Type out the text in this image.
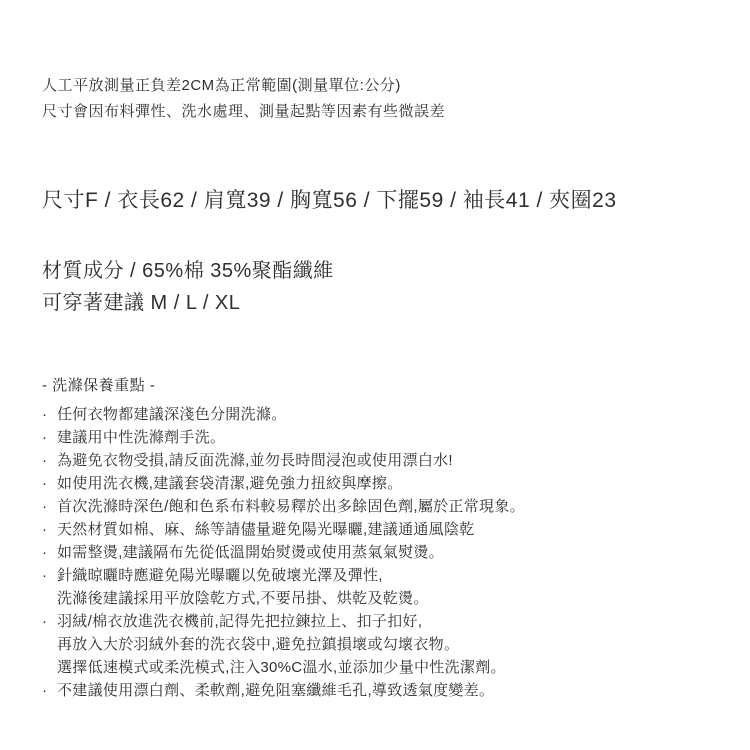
人工平放測量正負差2CM為正常範圍(測量單位:公分)
尺寸會因布料彈性、洗水處理、測量起點等因素有些微誤差
尺寸F / 衣長62 / 肩寬39 / 胸寬56 / 下擺59 / 袖長41 / 夾圈23
材質成分 / 65%棉 35%聚酯纖維
可穿著建議 M / L / XL
- 洗滌保養重點 -
· 任何衣物都建議深淺色分開洗滌。
· 建議用中性洗滌劑手洗。
· 為避免衣物受損,請反面洗滌,並勿長時間浸泡或使用漂白水!
· 如使用洗衣機,建議套袋清潔,避免強力扭絞與摩擦。
· 首次洗滌時深色/飽和色系布料較易釋於出多餘固色劑,屬於正常現象。
· 天然材質如棉、麻、絲等請儘量避免陽光曝曬,建議通通風陰乾
· 如需整燙,建議隔布先從低溫開始熨燙或使用蒸氣氣熨燙。
· 針織晾曬時應避免陽光曝曬以免破壞光澤及彈性,
洗滌後建議採用平放陰乾方式,不要吊掛、烘乾及乾燙。
· 羽絨/棉衣放進洗衣機前,記得先把拉鍊拉上、扣子扣好,
再放入大於羽絨外套的洗衣袋中,避免拉鎮損壞或勾壞衣物。
選擇低速模式或柔洗模式,注入30%C溫水,並添加少量中性洗潔劑。
· 不建議使用漂白劑、柔軟劑,避免阻塞纖維毛孔,導致透氣度變差。
